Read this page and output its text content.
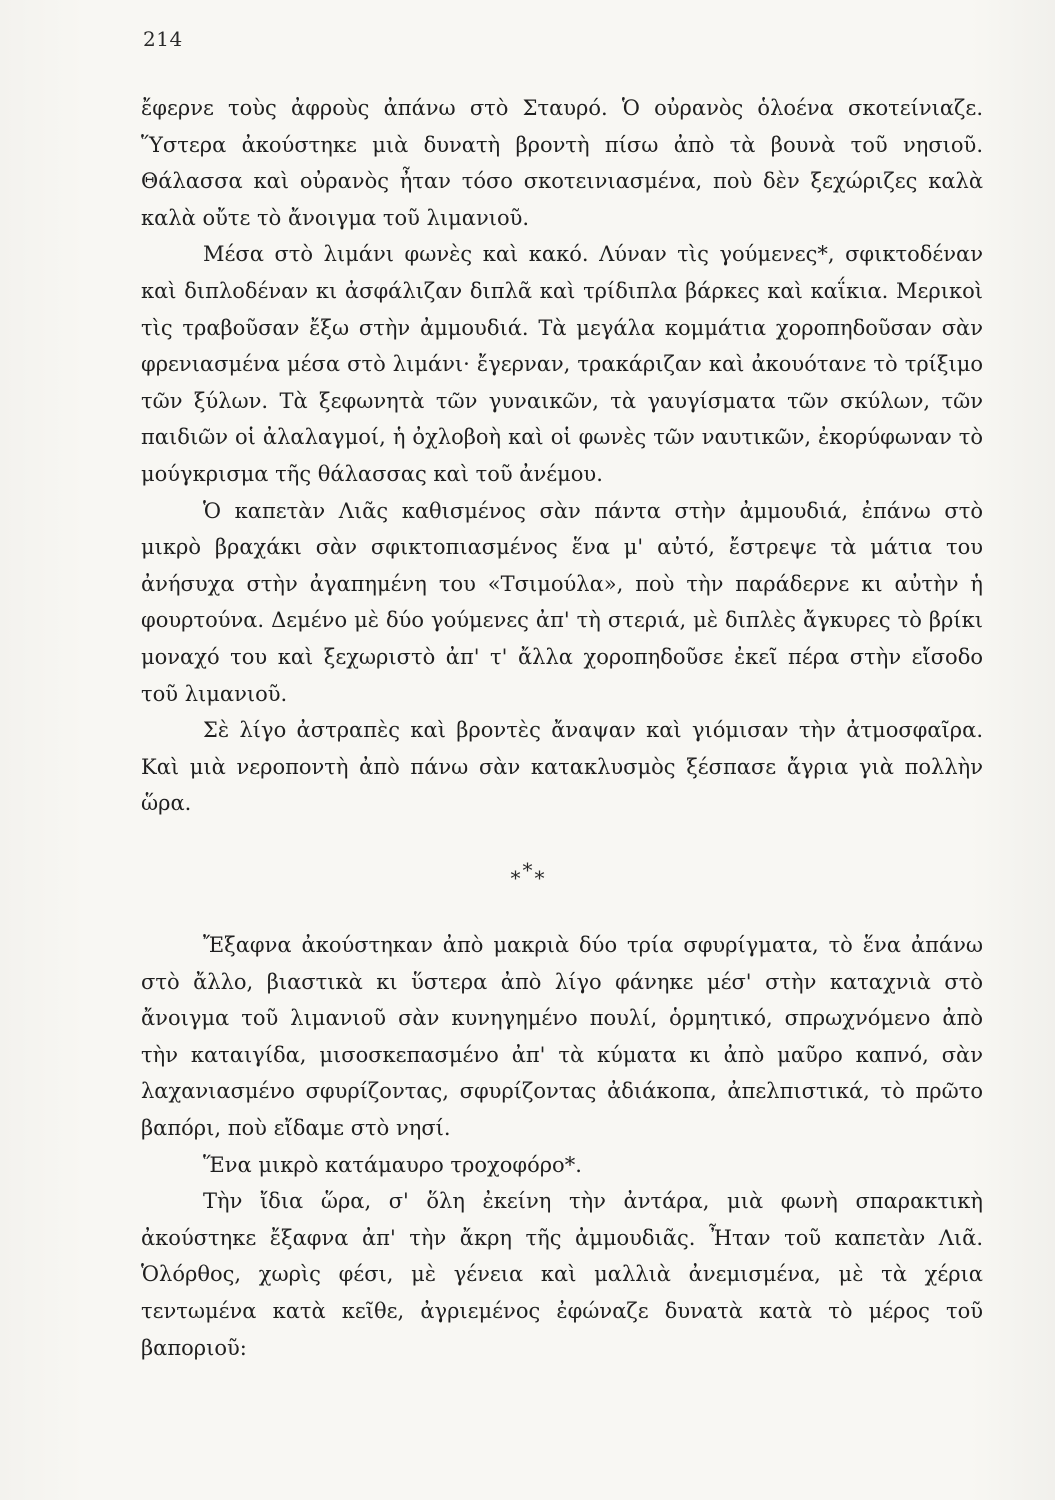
214

ἔφερνε τοὺς ἀφροὺς ἀπάνω στὸ Σταυρό. Ὁ οὐρανὸς ὁλοένα σκοτείνιαζε. Ὕστερα ἀκούστηκε μιὰ δυνατὴ βροντὴ πίσω ἀπὸ τὰ βουνὰ τοῦ νησιοῦ. Θάλασσα καὶ οὐρανὸς ἦταν τόσο σκοτεινιασμένα, ποὺ δὲν ξεχώριζες καλὰ καλὰ οὔτε τὸ ἄνοιγμα τοῦ λιμανιοῦ.

Μέσα στὸ λιμάνι φωνὲς καὶ κακό. Λύναν τὶς γούμενες*, σφικτοδέναν καὶ διπλοδέναν κι ἀσφάλιζαν διπλᾶ καὶ τρίδιπλα βάρκες καὶ καΐκια. Μερικοὶ τὶς τραβοῦσαν ἔξω στὴν ἀμμουδιά. Τὰ μεγάλα κομμάτια χοροπηδοῦσαν σὰν φρενιασμένα μέσα στὸ λιμάνι· ἔγερναν, τρακάριζαν καὶ ἀκουότανε τὸ τρίξιμο τῶν ξύλων. Τὰ ξεφωνητὰ τῶν γυναικῶν, τὰ γαυγίσματα τῶν σκύλων, τῶν παιδιῶν οἱ ἀλαλαγμοί, ἡ ὀχλοβοὴ καὶ οἱ φωνὲς τῶν ναυτικῶν, ἐκορύφωναν τὸ μούγκρισμα τῆς θάλασσας καὶ τοῦ ἀνέμου.

Ὁ καπετὰν Λιᾶς καθισμένος σὰν πάντα στὴν ἀμμουδιά, ἐπάνω στὸ μικρὸ βραχάκι σὰν σφικτοπιασμένος ἕνα μ' αὐτό, ἔστρεψε τὰ μάτια του ἀνήσυχα στὴν ἀγαπημένη του «Τσιμούλα», ποὺ τὴν παράδερνε κι αὐτὴν ἡ φουρτούνα. Δεμένο μὲ δύο γούμενες ἀπ' τὴ στεριά, μὲ διπλὲς ἄγκυρες τὸ βρίκι μοναχό του καὶ ξεχωριστὸ ἀπ' τ' ἄλλα χοροπηδοῦσε ἐκεῖ πέρα στὴν εἴσοδο τοῦ λιμανιοῦ.

Σὲ λίγο ἀστραπὲς καὶ βροντὲς ἄναψαν καὶ γιόμισαν τὴν ἀτμοσφαῖρα. Καὶ μιὰ νεροποντὴ ἀπὸ πάνω σὰν κατακλυσμὸς ξέσπασε ἄγρια γιὰ πολλὴν ὥρα.

* * *

Ἔξαφνα ἀκούστηκαν ἀπὸ μακριὰ δύο τρία σφυρίγματα, τὸ ἕνα ἀπάνω στὸ ἄλλο, βιαστικὰ κι ὕστερα ἀπὸ λίγο φάνηκε μέσ' στὴν καταχνιὰ στὸ ἄνοιγμα τοῦ λιμανιοῦ σὰν κυνηγημένο πουλί, ὁρμητικό, σπρωχνόμενο ἀπὸ τὴν καταιγίδα, μισοσκεπασμένο ἀπ' τὰ κύματα κι ἀπὸ μαῦρο καπνό, σὰν λαχανιασμένο σφυρίζοντας, σφυρίζοντας ἀδιάκοπα, ἀπελπιστικά, τὸ πρῶτο βαπόρι, ποὺ εἴδαμε στὸ νησί.

Ἕνα μικρὸ κατάμαυρο τροχοφόρο*.

Τὴν ἴδια ὥρα, σ' ὅλη ἐκείνη τὴν ἀντάρα, μιὰ φωνὴ σπαρακτικὴ ἀκούστηκε ἔξαφνα ἀπ' τὴν ἄκρη τῆς ἀμμουδιᾶς. Ἦταν τοῦ καπετὰν Λιᾶ. Ὁλόρθος, χωρὶς φέσι, μὲ γένεια καὶ μαλλιὰ ἀνεμισμένα, μὲ τὰ χέρια τεντωμένα κατὰ κεῖθε, ἀγριεμένος ἐφώναζε δυνατὰ κατὰ τὸ μέρος τοῦ βαποριοῦ:
